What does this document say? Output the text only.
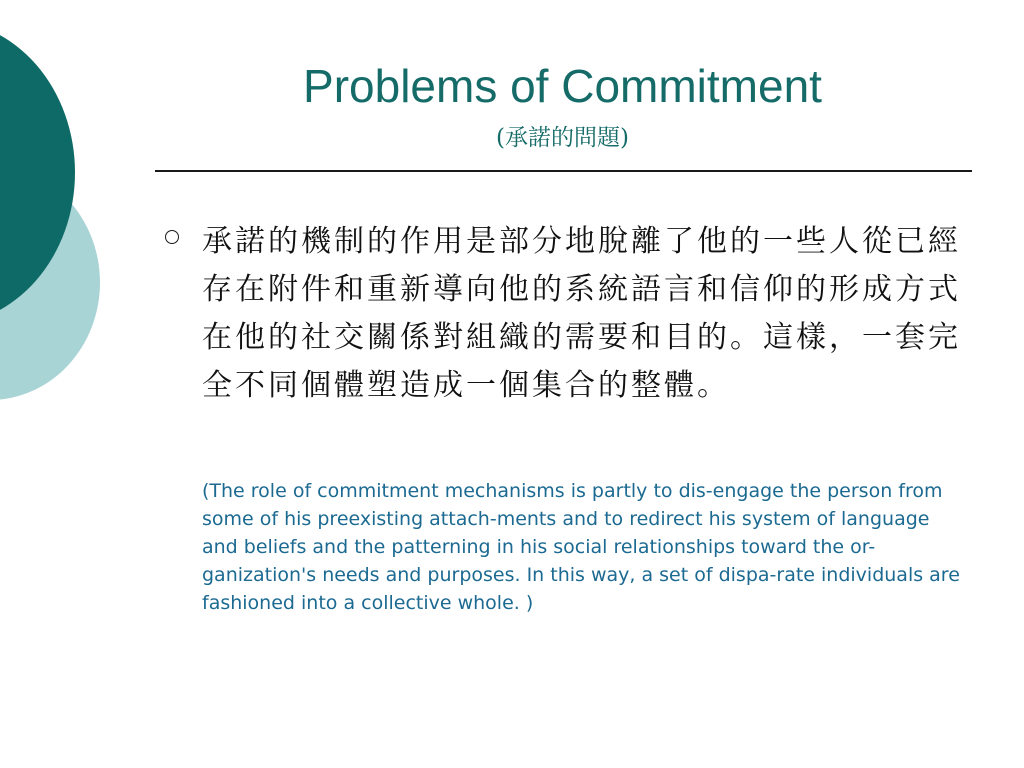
Problems of Commitment
(承諾的問題)

承諾的機制的作用是部分地脫離了他的一些人從已經存在附件和重新導向他的系統語言和信仰的形成方式在他的社交關係對組織的需要和目的。這樣，一套完全不同個體塑造成一個集合的整體。

(The role of commitment mechanisms is partly to dis-engage the person from some of his preexisting attach-ments and to redirect his system of language and beliefs and the patterning in his social relationships toward the or-ganization's needs and purposes. In this way, a set of dispa-rate individuals are fashioned into a collective whole. )
